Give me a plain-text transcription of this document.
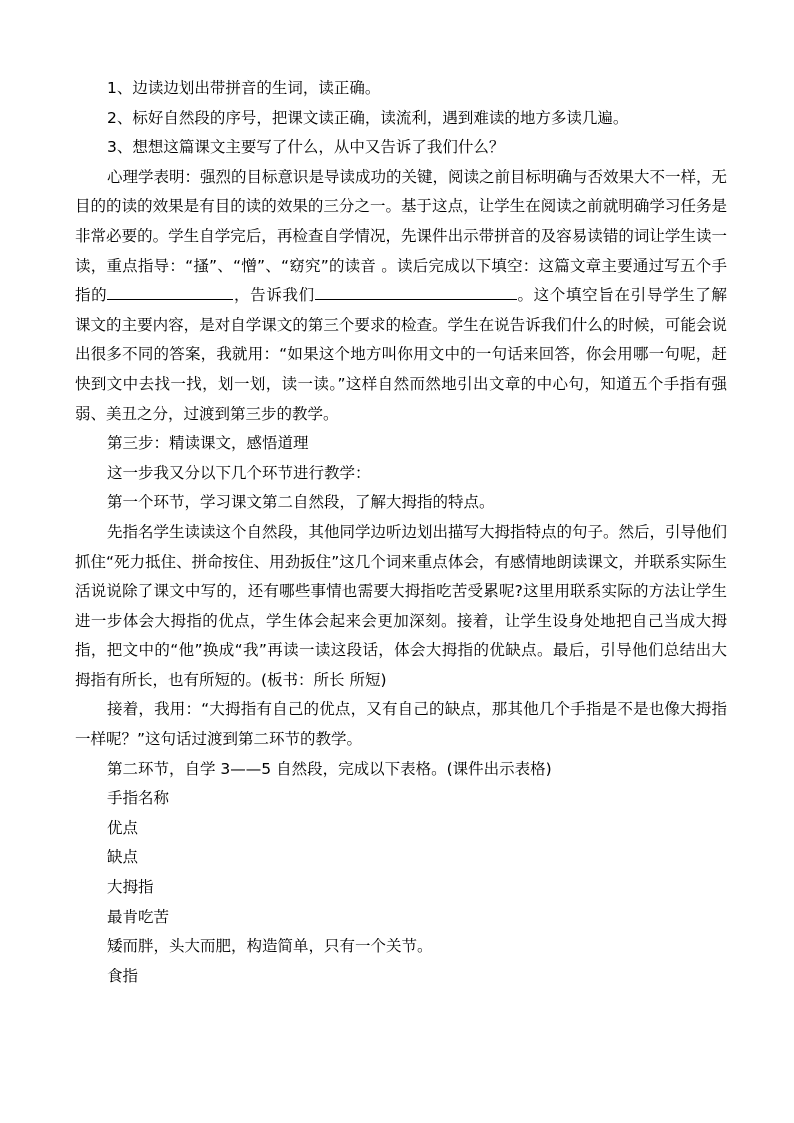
1、边读边划出带拼音的生词，读正确。

2、标好自然段的序号，把课文读正确，读流利，遇到难读的地方多读几遍。

3、想想这篇课文主要写了什么，从中又告诉了我们什么？

心理学表明：强烈的目标意识是导读成功的关键，阅读之前目标明确与否效果大不一样，无目的的读的效果是有目的读的效果的三分之一。基于这点，让学生在阅读之前就明确学习任务是非常必要的。学生自学完后，再检查自学情况，先课件出示带拼音的及容易读错的词让学生读一读，重点指导：“搔”、“憎”、“窈究”的读音 。读后完成以下填空：这篇文章主要通过写五个手指的	，告诉我们	。这个填空旨在引导学生了解课文的主要内容，是对自学课文的第三个要求的检查。学生在说告诉我们什么的时候，可能会说出很多不同的答案，我就用：“如果这个地方叫你用文中的一句话来回答，你会用哪一句呢，赶快到文中去找一找，划一划，读一读。”这样自然而然地引出文章的中心句，知道五个手指有强弱、美丑之分，过渡到第三步的教学。

第三步：精读课文，感悟道理

这一步我又分以下几个环节进行教学：

第一个环节，学习课文第二自然段，了解大拇指的特点。

先指名学生读读这个自然段，其他同学边听边划出描写大拇指特点的句子。然后，引导他们抓住“死力抵住、拼命按住、用劲扳住”这几个词来重点体会，有感情地朗读课文，并联系实际生活说说除了课文中写的，还有哪些事情也需要大拇指吃苦受累呢?这里用联系实际的方法让学生进一步体会大拇指的优点，学生体会起来会更加深刻。接着，让学生设身处地把自己当成大拇指，把文中的“他”换成“我”再读一读这段话，体会大拇指的优缺点。最后，引导他们总结出大拇指有所长，也有所短的。(板书：所长 所短)

接着，我用：“大拇指有自己的优点，又有自己的缺点，那其他几个手指是不是也像大拇指一样呢？”这句话过渡到第二环节的教学。

第二环节，自学 3——5 自然段，完成以下表格。(课件出示表格)

手指名称

优点

缺点

大拇指

最肯吃苦

矮而胖，头大而肥，构造简单，只有一个关节。

食指
